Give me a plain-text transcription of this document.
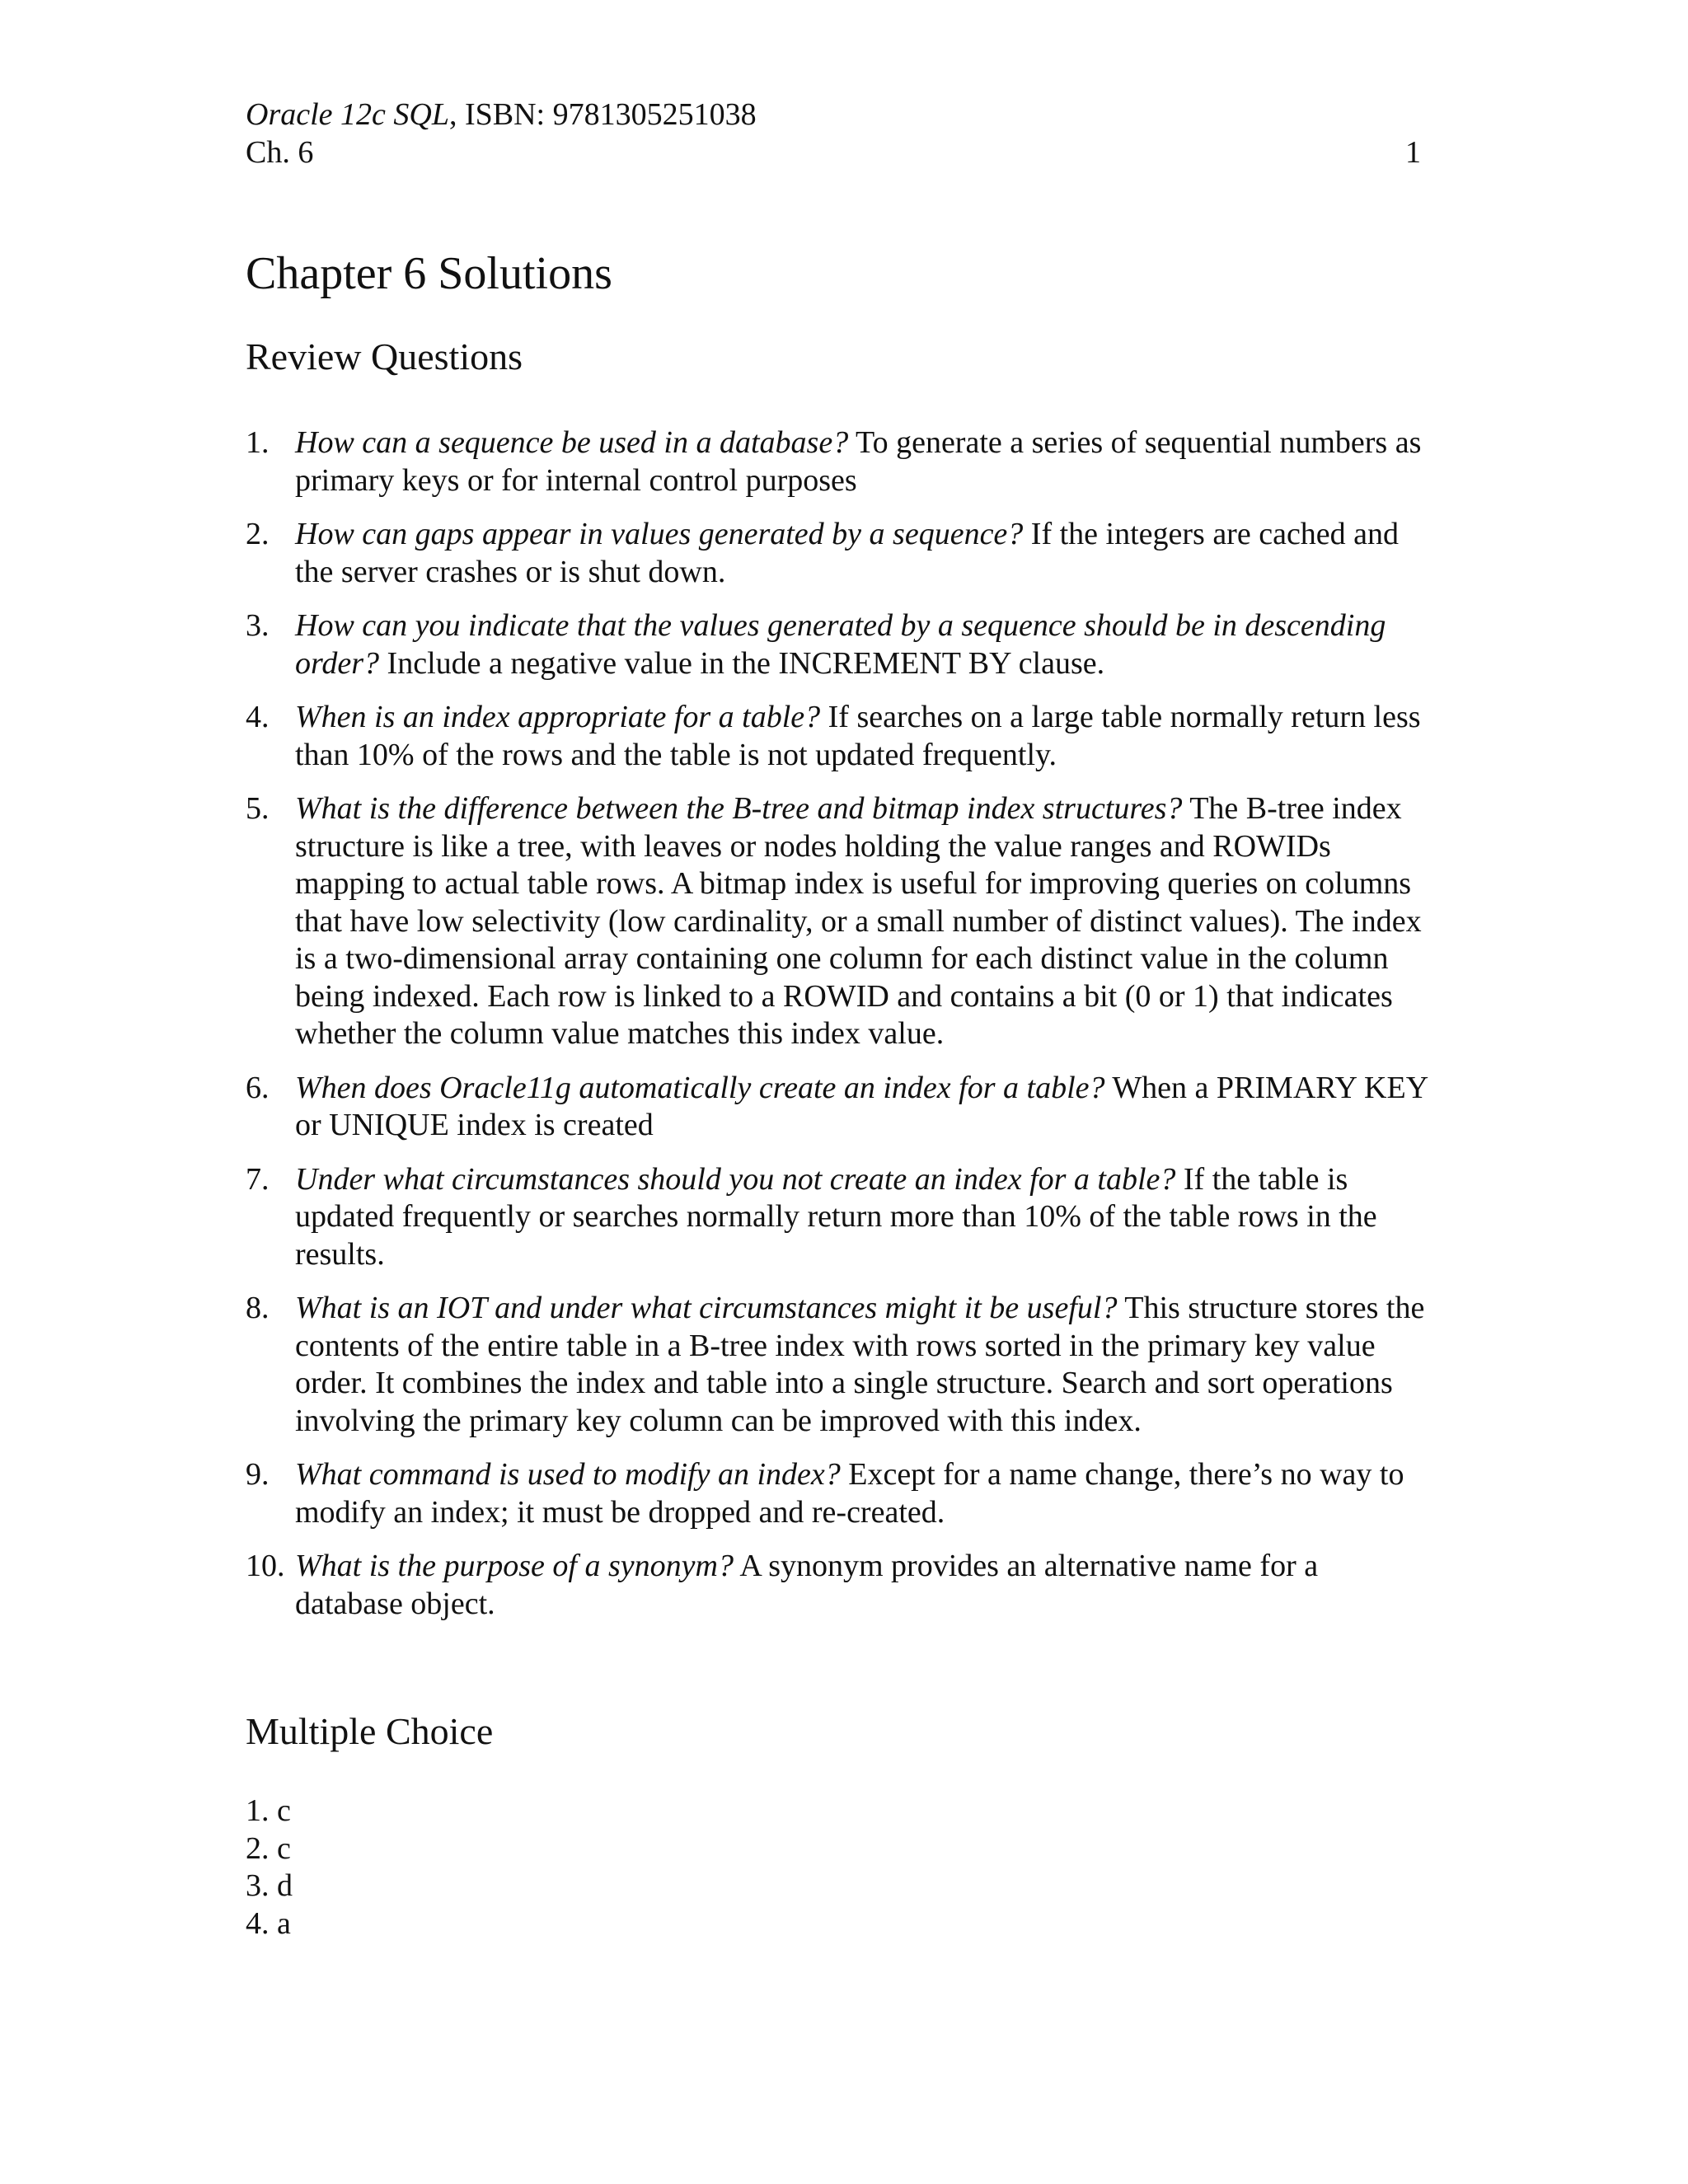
Oracle 12c SQL, ISBN: 9781305251038
Ch. 6	1
Chapter 6 Solutions
Review Questions
1. How can a sequence be used in a database? To generate a series of sequential numbers as primary keys or for internal control purposes
2. How can gaps appear in values generated by a sequence? If the integers are cached and the server crashes or is shut down.
3. How can you indicate that the values generated by a sequence should be in descending order? Include a negative value in the INCREMENT BY clause.
4. When is an index appropriate for a table? If searches on a large table normally return less than 10% of the rows and the table is not updated frequently.
5. What is the difference between the B-tree and bitmap index structures? The B-tree index structure is like a tree, with leaves or nodes holding the value ranges and ROWIDs mapping to actual table rows. A bitmap index is useful for improving queries on columns that have low selectivity (low cardinality, or a small number of distinct values). The index is a two-dimensional array containing one column for each distinct value in the column being indexed. Each row is linked to a ROWID and contains a bit (0 or 1) that indicates whether the column value matches this index value.
6. When does Oracle11g automatically create an index for a table? When a PRIMARY KEY or UNIQUE index is created
7. Under what circumstances should you not create an index for a table? If the table is updated frequently or searches normally return more than 10% of the table rows in the results.
8. What is an IOT and under what circumstances might it be useful? This structure stores the contents of the entire table in a B-tree index with rows sorted in the primary key value order. It combines the index and table into a single structure. Search and sort operations involving the primary key column can be improved with this index.
9. What command is used to modify an index? Except for a name change, there’s no way to modify an index; it must be dropped and re-created.
10. What is the purpose of a synonym? A synonym provides an alternative name for a database object.
Multiple Choice
1. c
2. c
3. d
4. a
